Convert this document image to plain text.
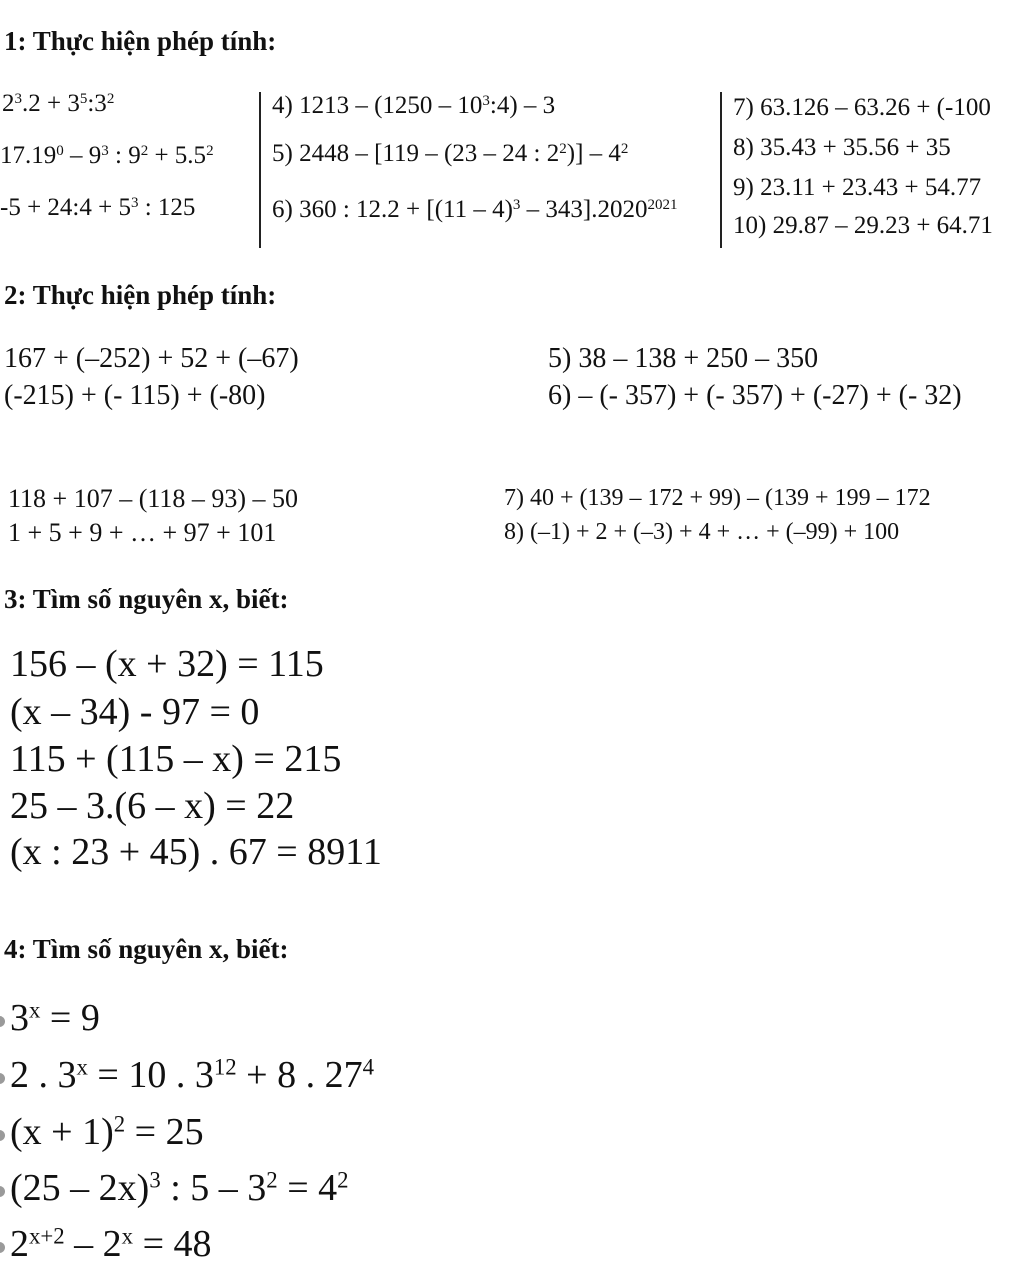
1: Thực hiện phép tính:
$2^3.2$ + $3^5:3^2$
$17.19^0 - 9^3$ : $9^2 + 5.5^2$
-5 + 24:4 + $5^3$ : 125
4) $1213 - (1250 - 10^3:4) - 3$
5) 2448 – [119 – (23 – 24 : $2^2)] - 4^2$
6) 360 : $12.2 + [(11 - 4)^3 - 343].2020^{2021}$
7) 63.126 – 63.26 + (-100
8) 35.43 + 35.56 + 35
9) 23.11 + 23.43 + 54.77
10) 29.87 – 29.23 + 64.71
2: Thực hiện phép tính:
167 + (–252) + 52 + (–67)
(-215) + (- 115) + (-80)
5) 38 – 138 + 250 – 350
6) – (- 357) + (- 357) + (-27) + (- 32)
118 + 107 – (118 – 93) – 50
1 + 5 + 9 + … + 97 + 101
7) 40 + (139 – 172 + 99) – (139 + 199 – 172
8) (–1) + 2 + (–3) + 4 + … + (–99) + 100
3: Tìm số nguyên x, biết:
156 – (x + 32) = 115
(x – 34) - 97 = 0
115 + (115 – x) = 215
25 – 3.(6 – x) = 22
(x : 23 + 45) . 67 = 8911
4: Tìm số nguyên x, biết:
$3^x = 9$
2 . $3^x = 10$ . $3^{12} + 8$ . $27^4$
$(x + 1)^2 = 25$
(25 – 2x)$^3$ : $5 - 3^2 = 4^2$
$2^{x+2} - 2^x = 48$
